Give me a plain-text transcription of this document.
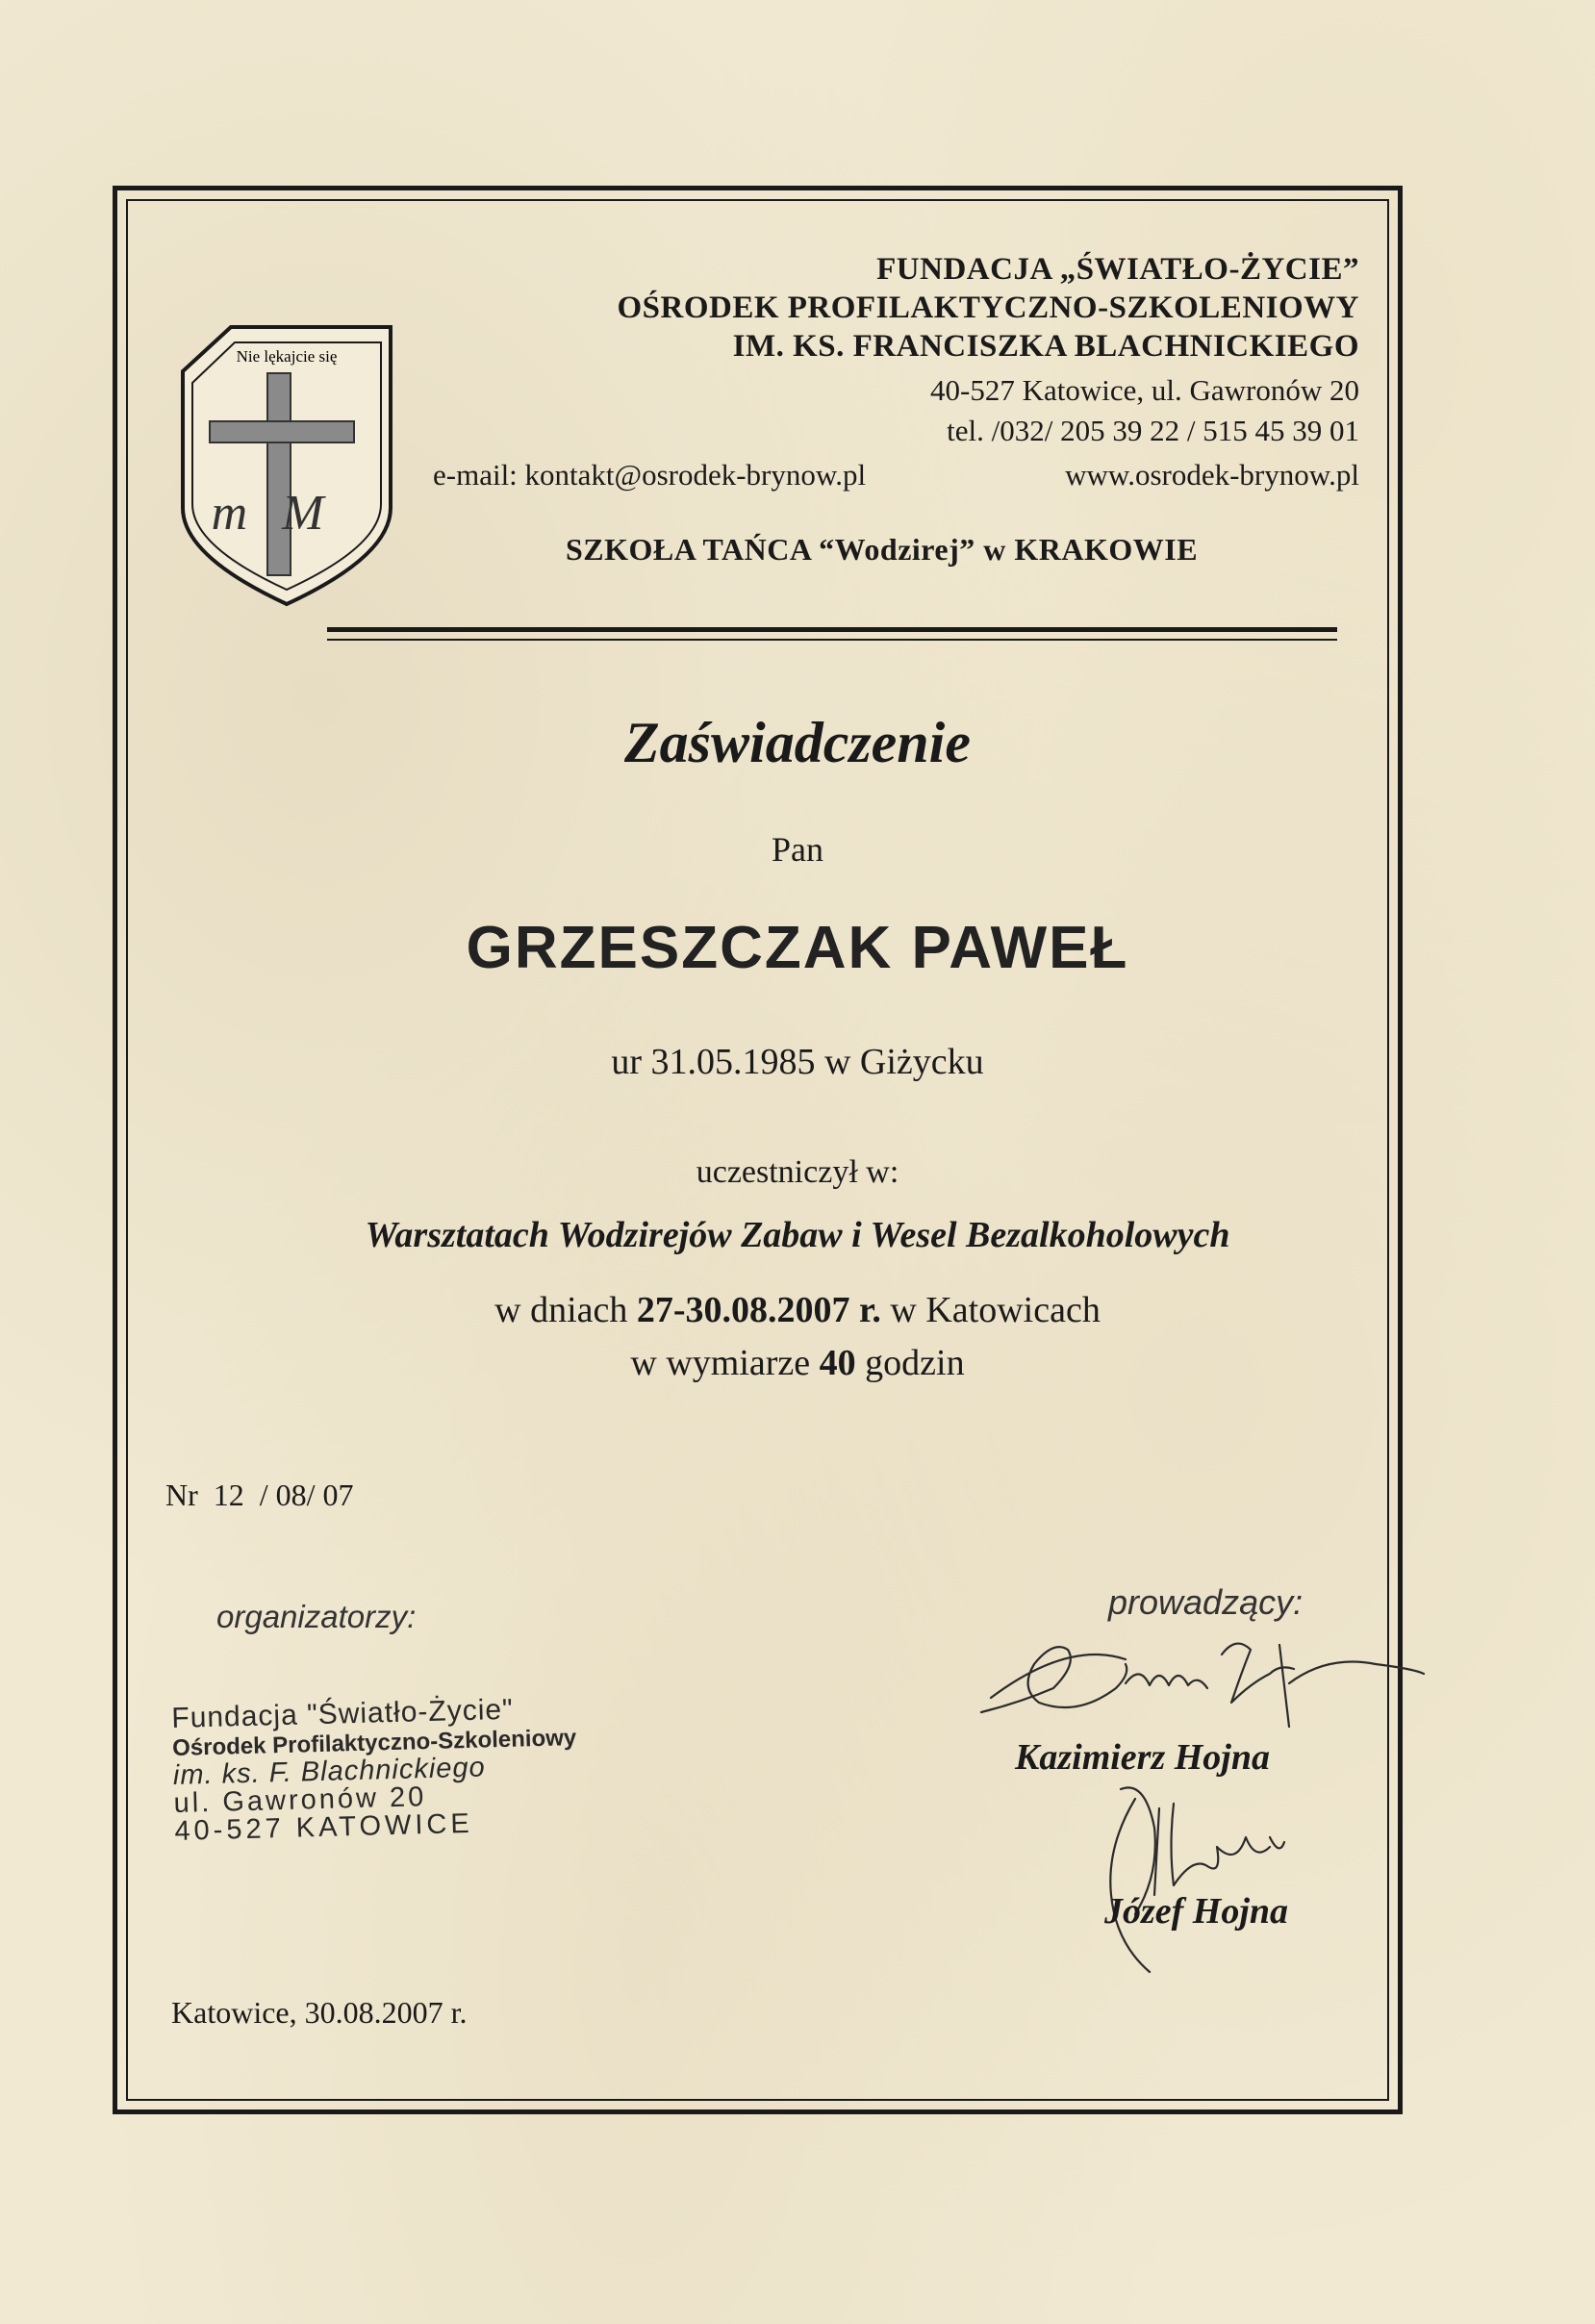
Nie lękajcie się
mM
FUNDACJA „ŚWIATŁO-ŻYCIE”
OŚRODEK PROFILAKTYCZNO-SZKOLENIOWY
IM. KS. FRANCISZKA BLACHNICKIEGO
40-527 Katowice, ul. Gawronów 20
tel. /032/ 205 39 22 / 515 45 39 01
www.osrodek-brynow.pl
e-mail: kontakt@osrodek-brynow.pl
SZKOŁA TAŃCA “Wodzirej” w KRAKOWIE
Zaświadczenie
Pan
GRZESZCZAK PAWEŁ
ur 31.05.1985 w Giżycku
uczestniczył w:
Warsztatach Wodzirejów Zabaw i Wesel Bezalkoholowych
w dniach 27-30.08.2007 r. w Katowicach
w wymiarze 40 godzin
Nr  12  / 08/ 07
organizatorzy:
Fundacja "Światło-Życie"
Ośrodek Profilaktyczno-Szkoleniowy
im. ks. F. Blachnickiego
ul. Gawronów 20
40-527 KATOWICE
prowadzący:
Kazimierz Hojna
Józef Hojna
Katowice, 30.08.2007 r.
